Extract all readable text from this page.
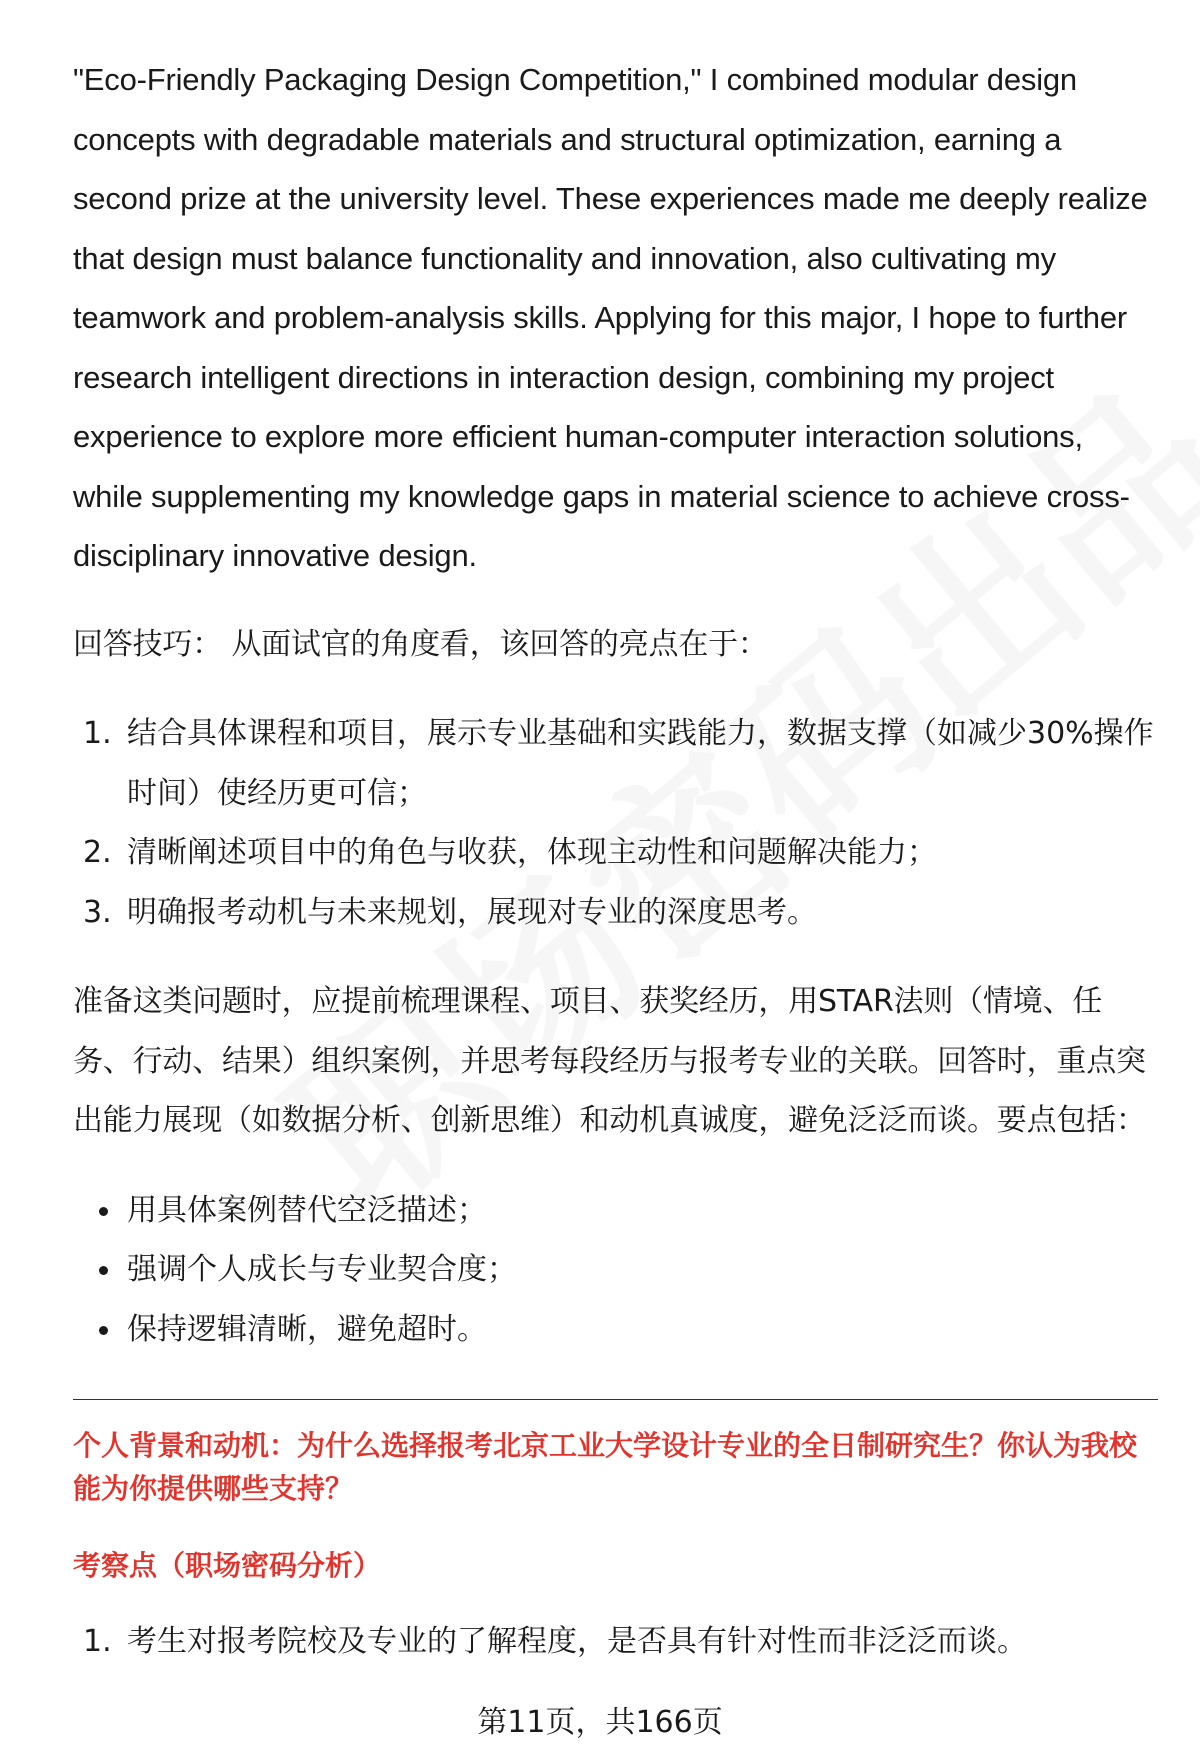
"Eco-Friendly Packaging Design Competition," I combined modular design concepts with degradable materials and structural optimization, earning a second prize at the university level. These experiences made me deeply realize that design must balance functionality and innovation, also cultivating my teamwork and problem-analysis skills. Applying for this major, I hope to further research intelligent directions in interaction design, combining my project experience to explore more efficient human-computer interaction solutions, while supplementing my knowledge gaps in material science to achieve cross-disciplinary innovative design.

回答技巧： 从面试官的角度看，该回答的亮点在于：

1. 结合具体课程和项目，展示专业基础和实践能力，数据支撑（如减少30%操作时间）使经历更可信；
2. 清晰阐述项目中的角色与收获，体现主动性和问题解决能力；
3. 明确报考动机与未来规划，展现对专业的深度思考。

准备这类问题时，应提前梳理课程、项目、获奖经历，用STAR法则（情境、任务、行动、结果）组织案例，并思考每段经历与报考专业的关联。回答时，重点突出能力展现（如数据分析、创新思维）和动机真诚度，避免泛泛而谈。要点包括：

用具体案例替代空泛描述；
强调个人成长与专业契合度；
保持逻辑清晰，避免超时。

个人背景和动机：为什么选择报考北京工业大学设计专业的全日制研究生？你认为我校能为你提供哪些支持？

考察点（职场密码分析）

1. 考生对报考院校及专业的了解程度，是否具有针对性而非泛泛而谈。
第11页，共166页
